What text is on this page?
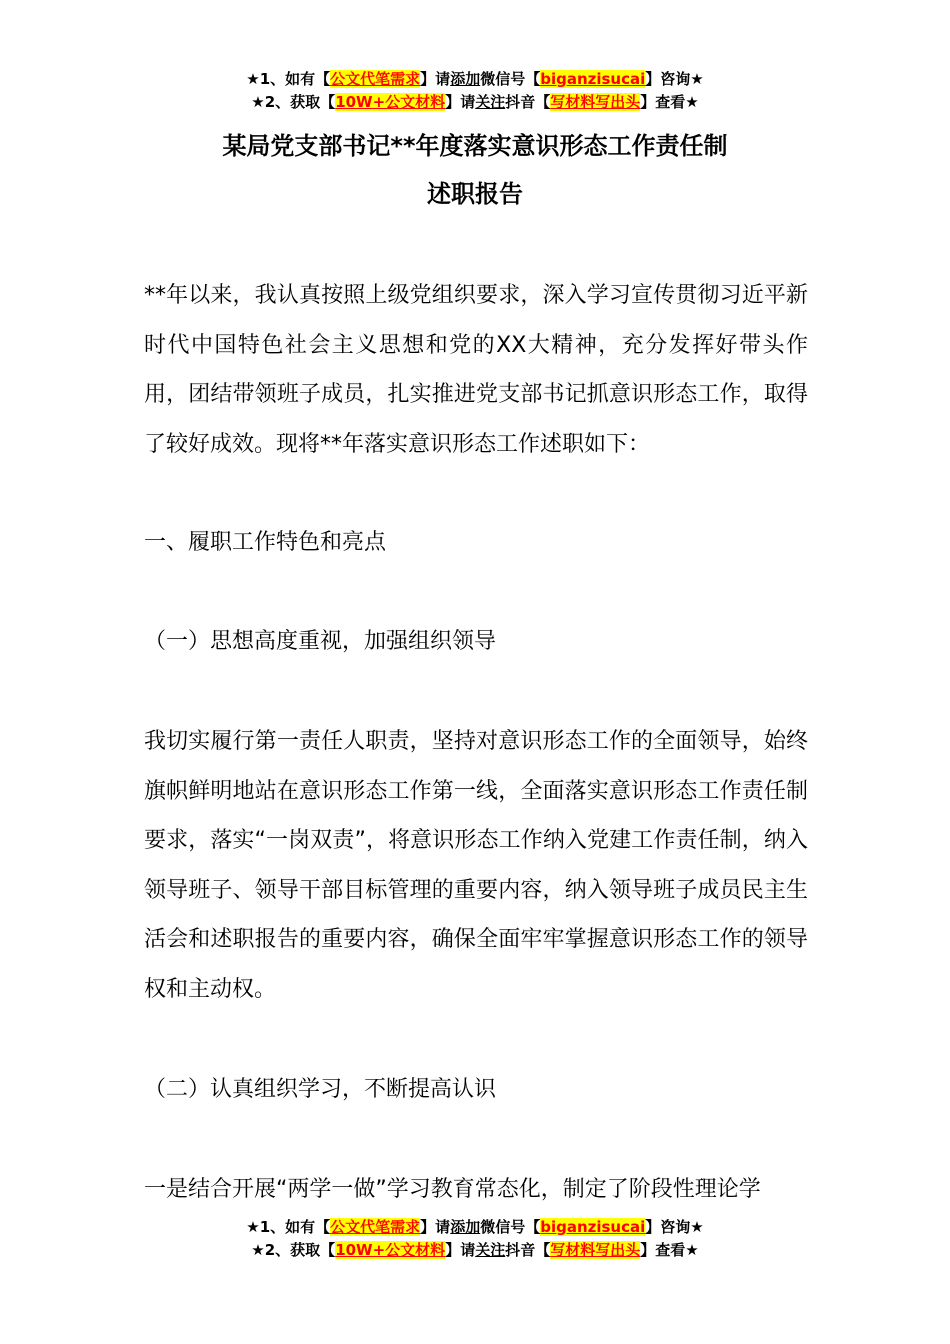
★1、如有【公文代笔需求】请添加微信号【biganzisucai】咨询★
★2、获取【10W+公文材料】请关注抖音【写材料写出头】查看★
某局党支部书记**年度落实意识形态工作责任制
述职报告

**年以来，我认真按照上级党组织要求，深入学习宣传贯彻习近平新时代中国特色社会主义思想和党的XX大精神，充分发挥好带头作用，团结带领班子成员，扎实推进党支部书记抓意识形态工作，取得了较好成效。现将**年落实意识形态工作述职如下：

一、履职工作特色和亮点

（一）思想高度重视，加强组织领导

我切实履行第一责任人职责，坚持对意识形态工作的全面领导，始终旗帜鲜明地站在意识形态工作第一线，全面落实意识形态工作责任制要求，落实“一岗双责”，将意识形态工作纳入党建工作责任制，纳入领导班子、领导干部目标管理的重要内容，纳入领导班子成员民主生活会和述职报告的重要内容，确保全面牢牢掌握意识形态工作的领导权和主动权。

（二）认真组织学习，不断提高认识

一是结合开展“两学一做”学习教育常态化，制定了阶段性理论学

★1、如有【公文代笔需求】请添加微信号【biganzisucai】咨询★
★2、获取【10W+公文材料】请关注抖音【写材料写出头】查看★
